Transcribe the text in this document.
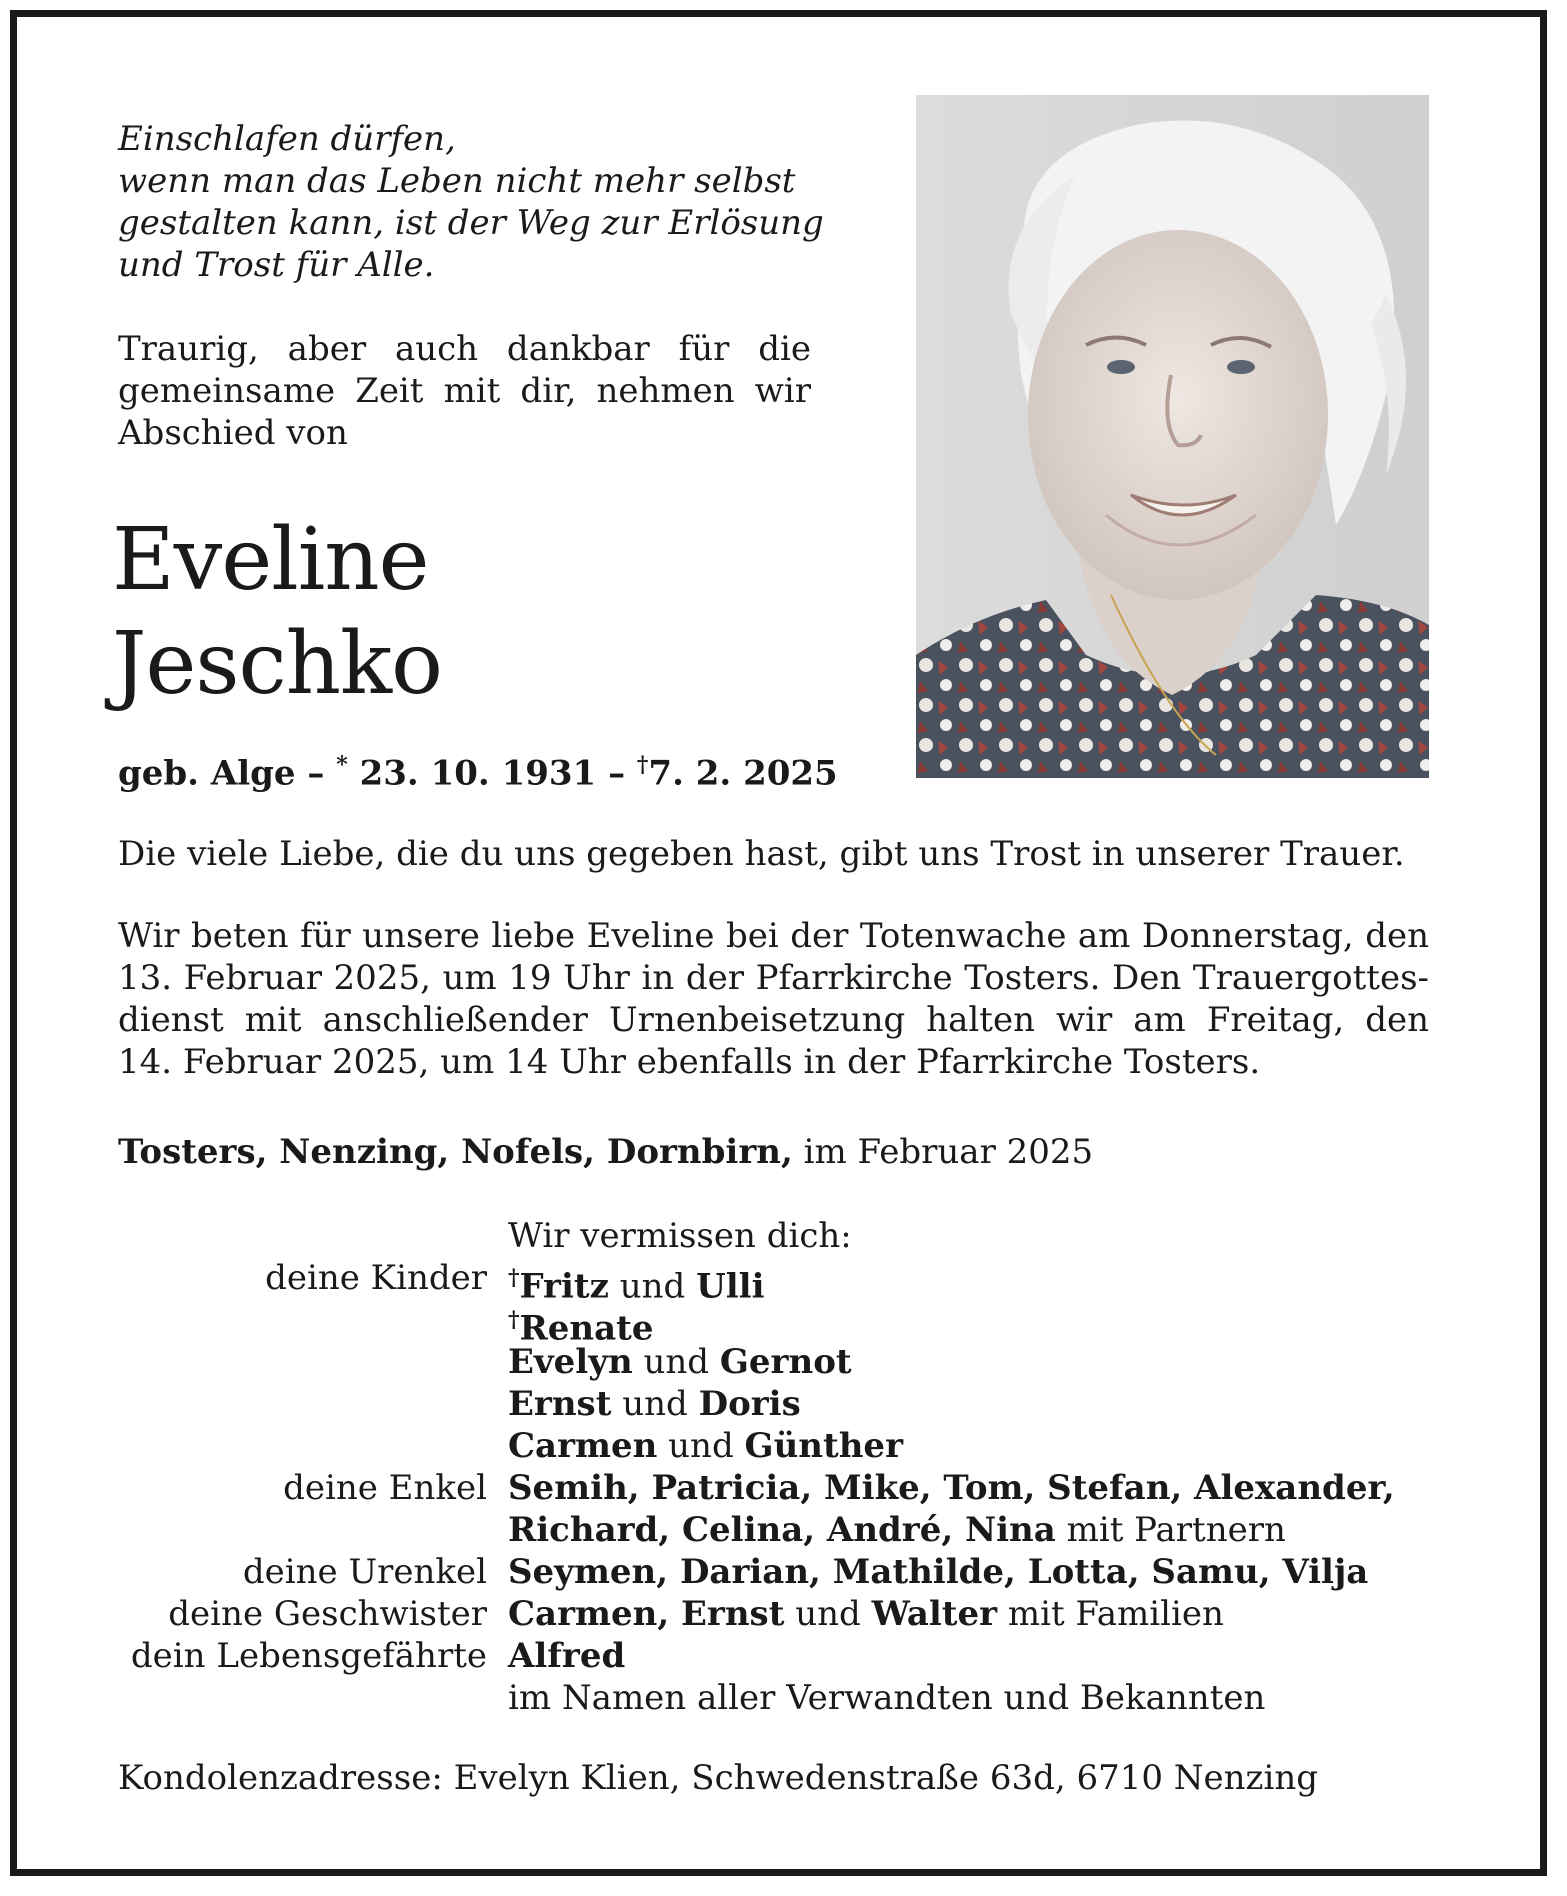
Einschlafen dürfen,
wenn man das Leben nicht mehr selbst
gestalten kann, ist der Weg zur Erlösung
und Trost für Alle.
Traurig, aber auch dankbar für die
gemeinsame Zeit mit dir, nehmen wir
Abschied von
Eveline
Jeschko
geb. Alge – * 23. 10. 1931 – †7. 2. 2025
Die viele Liebe, die du uns gegeben hast, gibt uns Trost in unserer Trauer.
Wir beten für unsere liebe Eveline bei der Totenwache am Donnerstag, den
13. Februar 2025, um 19 Uhr in der Pfarrkirche Tosters. Den Trauergottes-
dienst mit anschließender Urnenbeisetzung halten wir am Freitag, den
14. Februar 2025, um 14 Uhr ebenfalls in der Pfarrkirche Tosters.
Tosters, Nenzing, Nofels, Dornbirn, im Februar 2025
Wir vermissen dich:
deine Kinder †Fritz und Ulli
†Renate
Evelyn und Gernot
Ernst und Doris
Carmen und Günther
deine Enkel Semih, Patricia, Mike, Tom, Stefan, Alexander,
Richard, Celina, André, Nina mit Partnern
deine Urenkel Seymen, Darian, Mathilde, Lotta, Samu, Vilja
deine Geschwister Carmen, Ernst und Walter mit Familien
dein Lebensgefährte Alfred
im Namen aller Verwandten und Bekannten
Kondolenzadresse: Evelyn Klien, Schwedenstraße 63d, 6710 Nenzing
